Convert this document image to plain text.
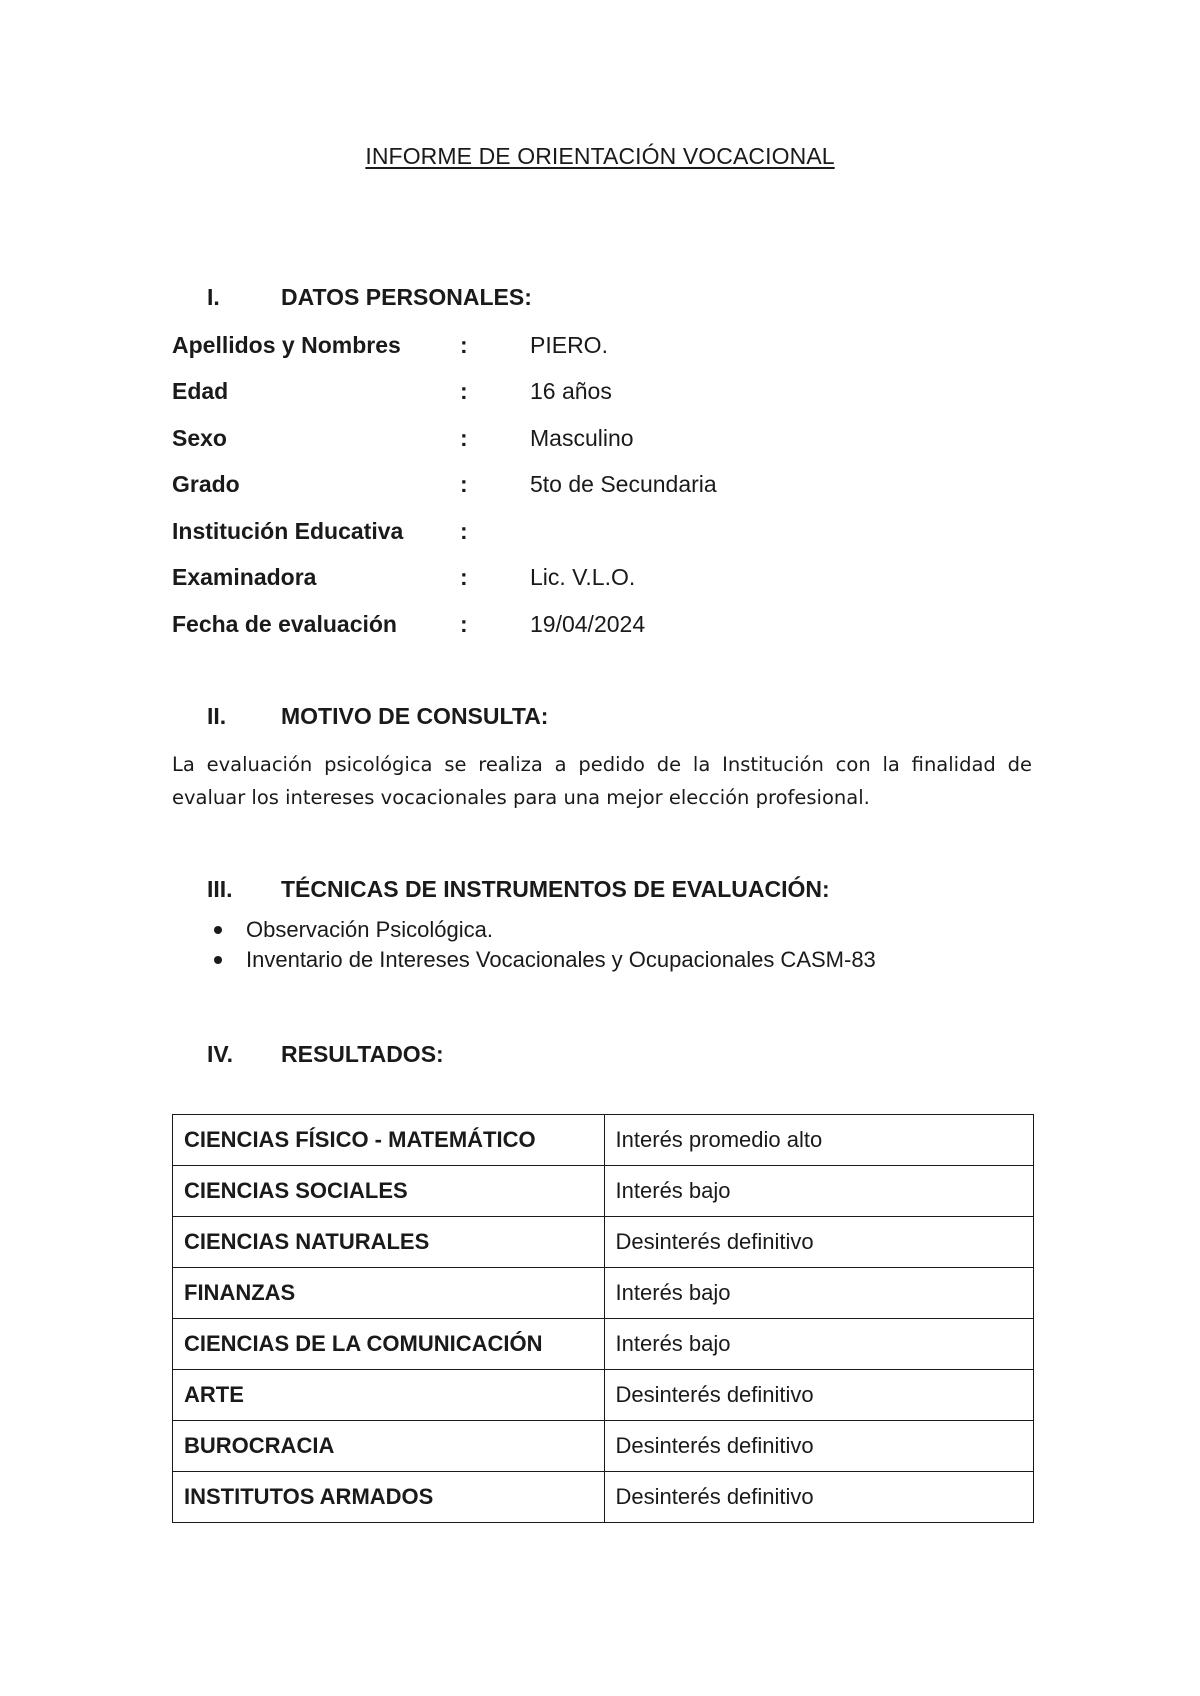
INFORME DE ORIENTACIÓN VOCACIONAL
I.	DATOS PERSONALES:
Apellidos y Nombres	:	PIERO.
Edad	:	16 años
Sexo	:	Masculino
Grado	:	5to de Secundaria
Institución Educativa :
Examinadora	:	Lic. V.L.O.
Fecha de evaluación	:	19/04/2024
II. MOTIVO DE CONSULTA:
La evaluación psicológica se realiza a pedido de la Institución con la finalidad de evaluar los intereses vocacionales para una mejor elección profesional.
III. TÉCNICAS DE INSTRUMENTOS DE EVALUACIÓN:
Observación Psicológica.
Inventario de Intereses Vocacionales y Ocupacionales CASM-83
IV. RESULTADOS:
CIENCIAS FÍSICO - MATEMÁTICO	Interés promedio alto
CIENCIAS SOCIALES	Interés bajo
CIENCIAS NATURALES	Desinterés definitivo
FINANZAS	Interés bajo
CIENCIAS DE LA COMUNICACIÓN	Interés bajo
ARTE	Desinterés definitivo
BUROCRACIA	Desinterés definitivo
INSTITUTOS ARMADOS	Desinterés definitivo
